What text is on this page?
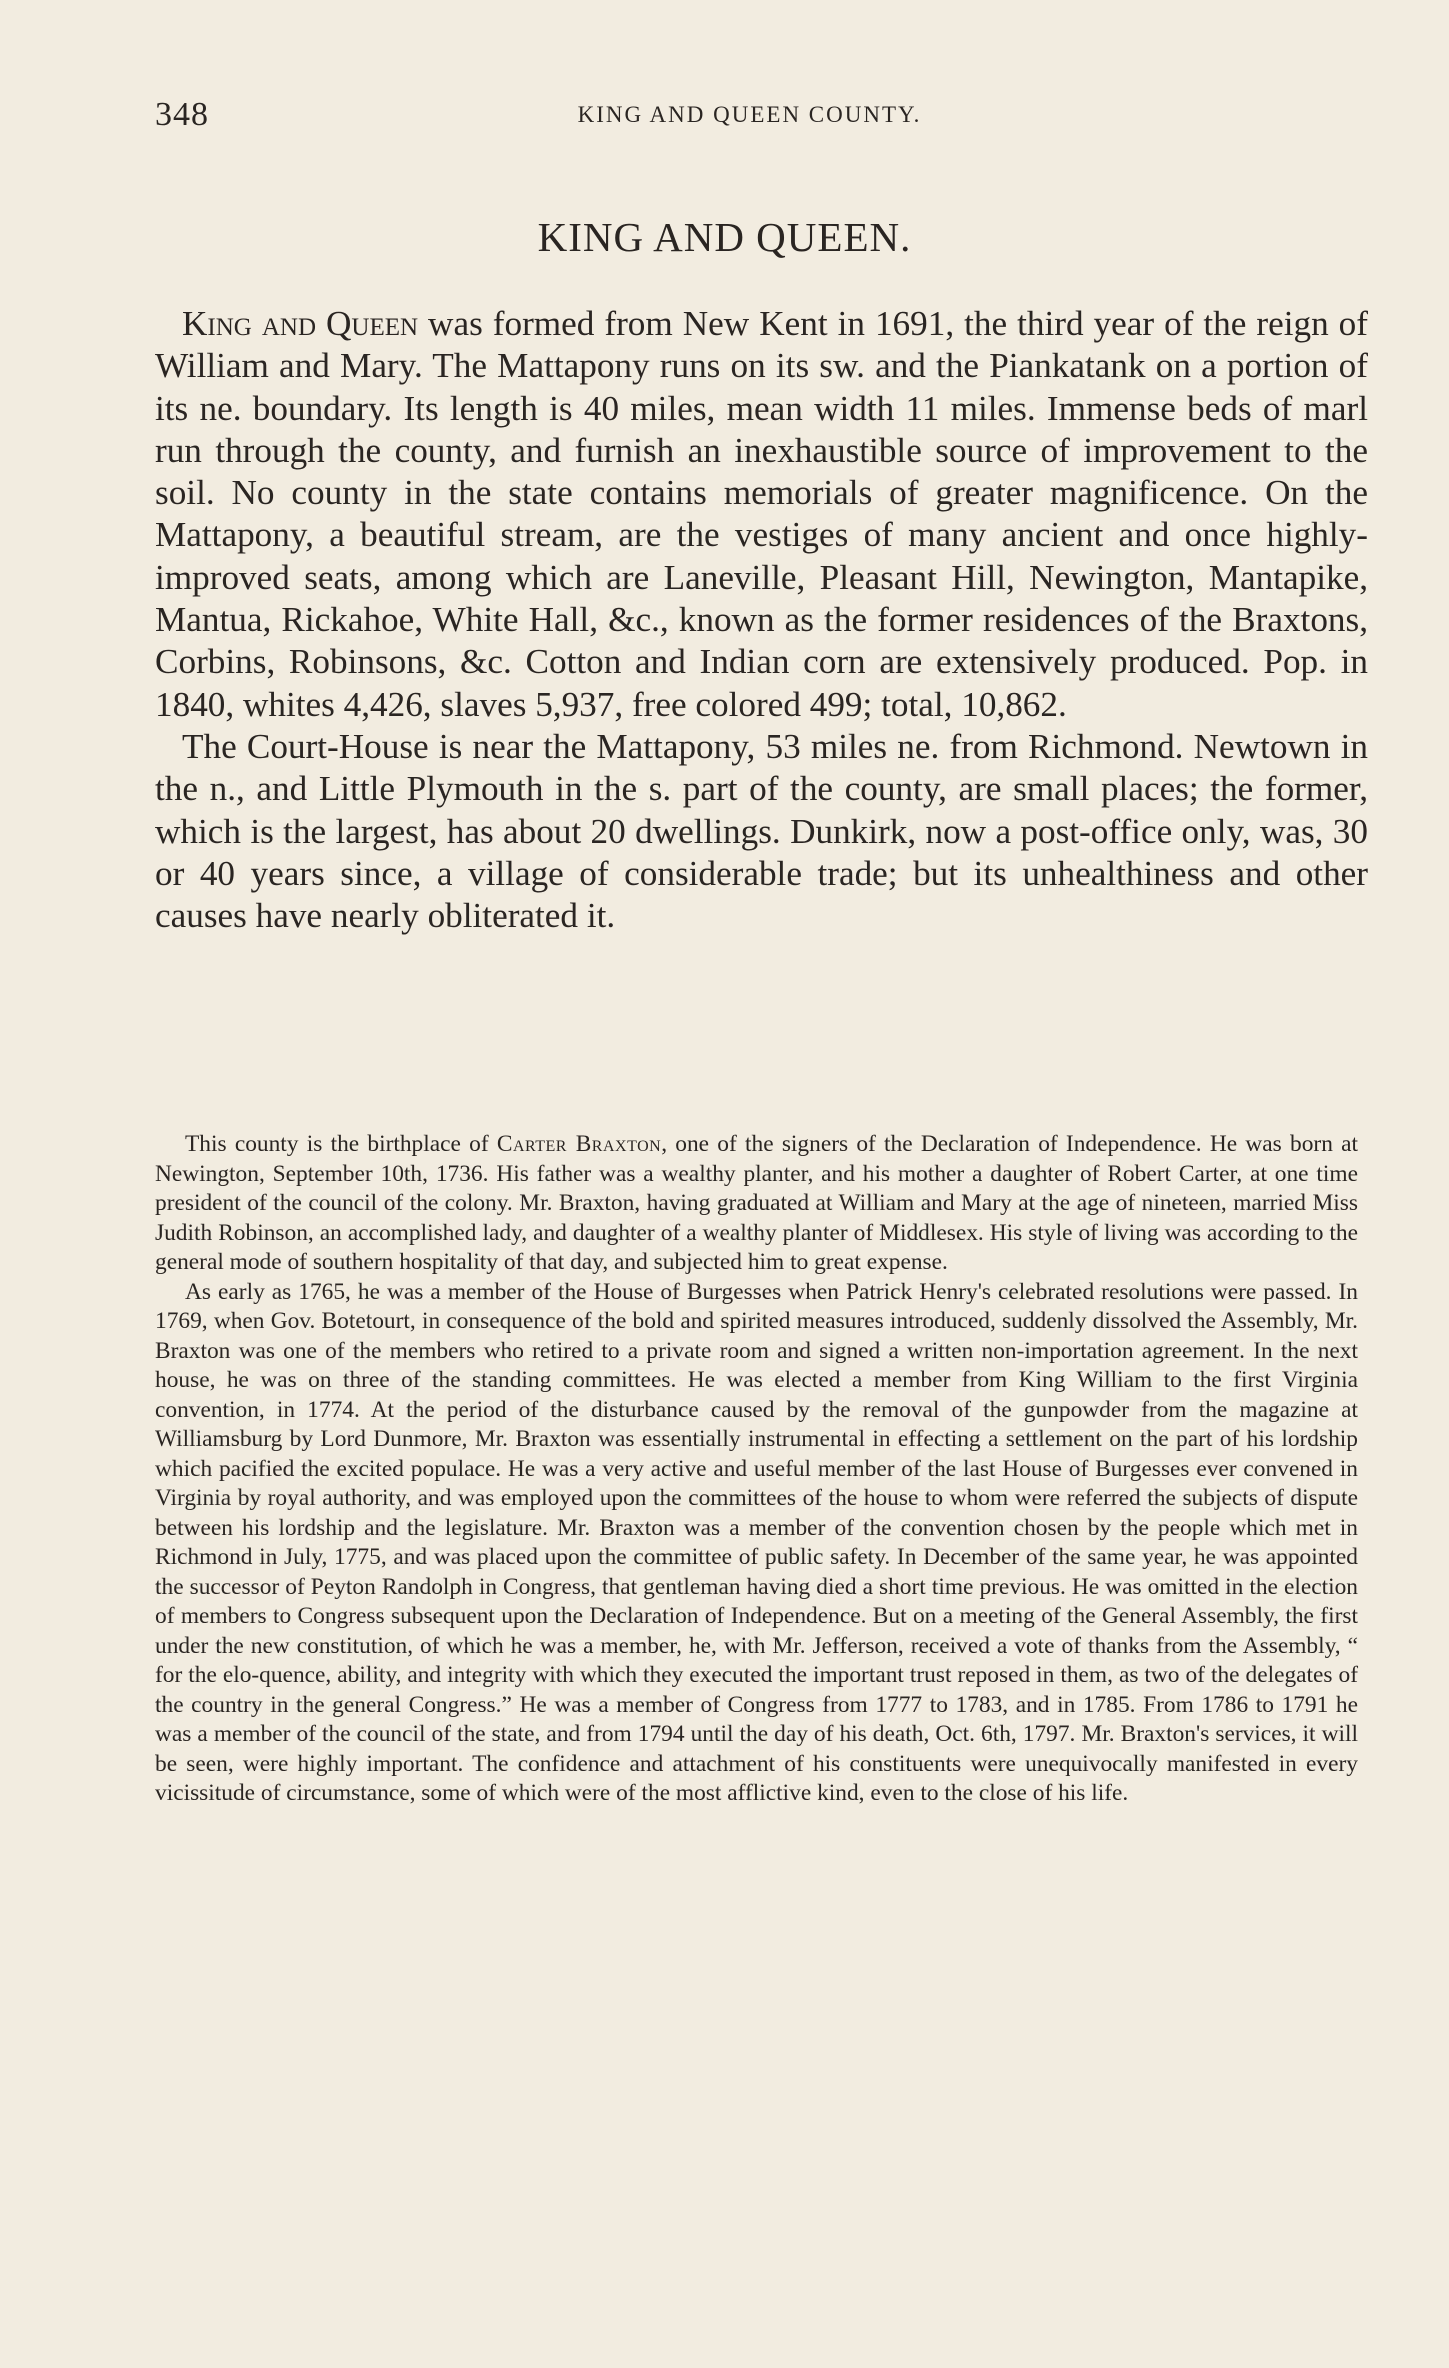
348	KING AND QUEEN COUNTY.
KING AND QUEEN.

King and Queen was formed from New Kent in 1691, the third year of the reign of William and Mary. The Mattapony runs on its sw. and the Piankatank on a portion of its ne. boundary. Its length is 40 miles, mean width 11 miles. Immense beds of marl run through the county, and furnish an inexhaustible source of improvement to the soil. No county in the state contains memorials of greater magnificence. On the Mattapony, a beautiful stream, are the vestiges of many ancient and once highly-improved seats, among which are Laneville, Pleasant Hill, Newington, Mantapike, Mantua, Rickahoe, White Hall, &c., known as the former residences of the Braxtons, Corbins, Robinsons, &c. Cotton and Indian corn are extensively produced. Pop. in 1840, whites 4,426, slaves 5,937, free colored 499; total, 10,862.

The Court-House is near the Mattapony, 53 miles ne. from Richmond. Newtown in the n., and Little Plymouth in the s. part of the county, are small places; the former, which is the largest, has about 20 dwellings. Dunkirk, now a post-office only, was, 30 or 40 years since, a village of considerable trade; but its unhealthiness and other causes have nearly obliterated it.

This county is the birthplace of Carter Braxton, one of the signers of the Declaration of Independence. He was born at Newington, September 10th, 1736. His father was a wealthy planter, and his mother a daughter of Robert Carter, at one time president of the council of the colony. Mr. Braxton, having graduated at William and Mary at the age of nineteen, married Miss Judith Robinson, an accomplished lady, and daughter of a wealthy planter of Middlesex. His style of living was according to the general mode of southern hospitality of that day, and subjected him to great expense.

As early as 1765, he was a member of the House of Burgesses when Patrick Henry's celebrated resolutions were passed. In 1769, when Gov. Botetourt, in consequence of the bold and spirited measures introduced, suddenly dissolved the Assembly, Mr. Braxton was one of the members who retired to a private room and signed a written non-importation agreement. In the next house, he was on three of the standing committees. He was elected a member from King William to the first Virginia convention, in 1774. At the period of the disturbance caused by the removal of the gunpowder from the magazine at Williamsburg by Lord Dunmore, Mr. Braxton was essentially instrumental in effecting a settlement on the part of his lordship which pacified the excited populace. He was a very active and useful member of the last House of Burgesses ever convened in Virginia by royal authority, and was employed upon the committees of the house to whom were referred the subjects of dispute between his lordship and the legislature. Mr. Braxton was a member of the convention chosen by the people which met in Richmond in July, 1775, and was placed upon the committee of public safety. In December of the same year, he was appointed the successor of Peyton Randolph in Congress, that gentleman having died a short time previous. He was omitted in the election of members to Congress subsequent upon the Declaration of Independence. But on a meeting of the General Assembly, the first under the new constitution, of which he was a member, he, with Mr. Jefferson, received a vote of thanks from the Assembly, “ for the elo-quence, ability, and integrity with which they executed the important trust reposed in them, as two of the delegates of the country in the general Congress.” He was a member of Congress from 1777 to 1783, and in 1785. From 1786 to 1791 he was a member of the council of the state, and from 1794 until the day of his death, Oct. 6th, 1797. Mr. Braxton's services, it will be seen, were highly important. The confidence and attachment of his constituents were unequivocally manifested in every vicissitude of circumstance, some of which were of the most afflictive kind, even to the close of his life.
